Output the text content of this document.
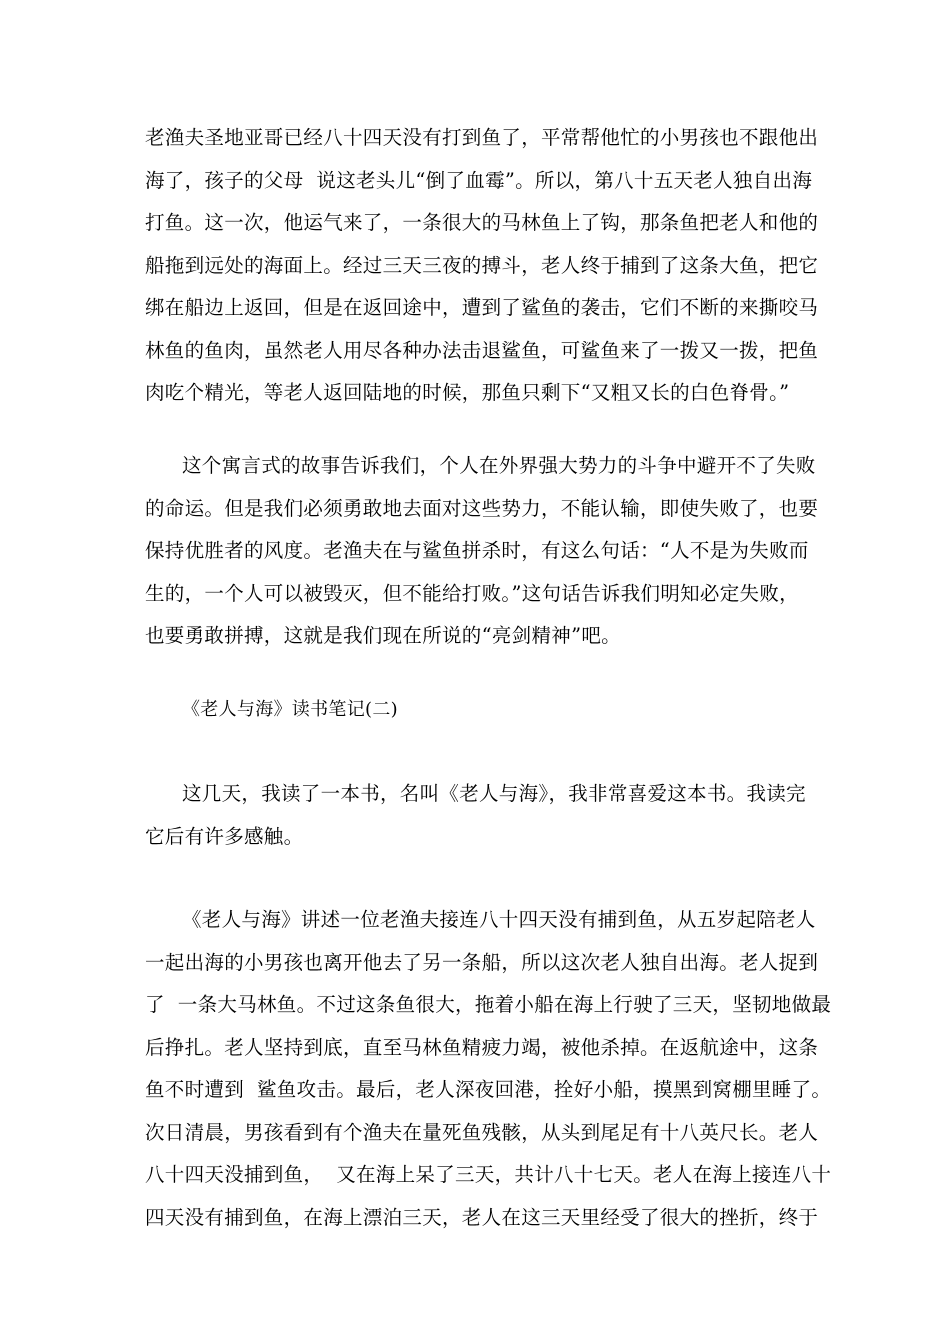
老渔夫圣地亚哥已经八十四天没有打到鱼了，平常帮他忙的小男孩也不跟他出
海了，孩子的父母  说这老头儿“倒了血霉”。所以，第八十五天老人独自出海
打鱼。这一次，他运气来了，一条很大的马林鱼上了钩，那条鱼把老人和他的
船拖到远处的海面上。经过三天三夜的搏斗，老人终于捕到了这条大鱼，把它
绑在船边上返回，但是在返回途中，遭到了鲨鱼的袭击，它们不断的来撕咬马
林鱼的鱼肉，虽然老人用尽各种办法击退鲨鱼，可鲨鱼来了一拨又一拨，把鱼
肉吃个精光，等老人返回陆地的时候，那鱼只剩下“又粗又长的白色脊骨。”
这个寓言式的故事告诉我们，个人在外界强大势力的斗争中避开不了失败
的命运。但是我们必须勇敢地去面对这些势力，不能认输，即使失败了，也要
保持优胜者的风度。老渔夫在与鲨鱼拼杀时，有这么句话：“人不是为失败而
生的，一个人可以被毁灭，但不能给打败。”这句话告诉我们明知必定失败，
也要勇敢拼搏，这就是我们现在所说的“亮剑精神”吧。
《老人与海》读书笔记(二)
这几天，我读了一本书，名叫《老人与海》，我非常喜爱这本书。我读完
它后有许多感触。
《老人与海》讲述一位老渔夫接连八十四天没有捕到鱼，从五岁起陪老人
一起出海的小男孩也离开他去了另一条船，所以这次老人独自出海。老人捉到
了  一条大马林鱼。不过这条鱼很大，拖着小船在海上行驶了三天，坚韧地做最
后挣扎。老人坚持到底，直至马林鱼精疲力竭，被他杀掉。在返航途中，这条
鱼不时遭到  鲨鱼攻击。最后，老人深夜回港，拴好小船，摸黑到窝棚里睡了。
次日清晨，男孩看到有个渔夫在量死鱼残骸，从头到尾足有十八英尺长。老人
八十四天没捕到鱼，  又在海上呆了三天，共计八十七天。老人在海上接连八十
四天没有捕到鱼，在海上漂泊三天，老人在这三天里经受了很大的挫折，终于
